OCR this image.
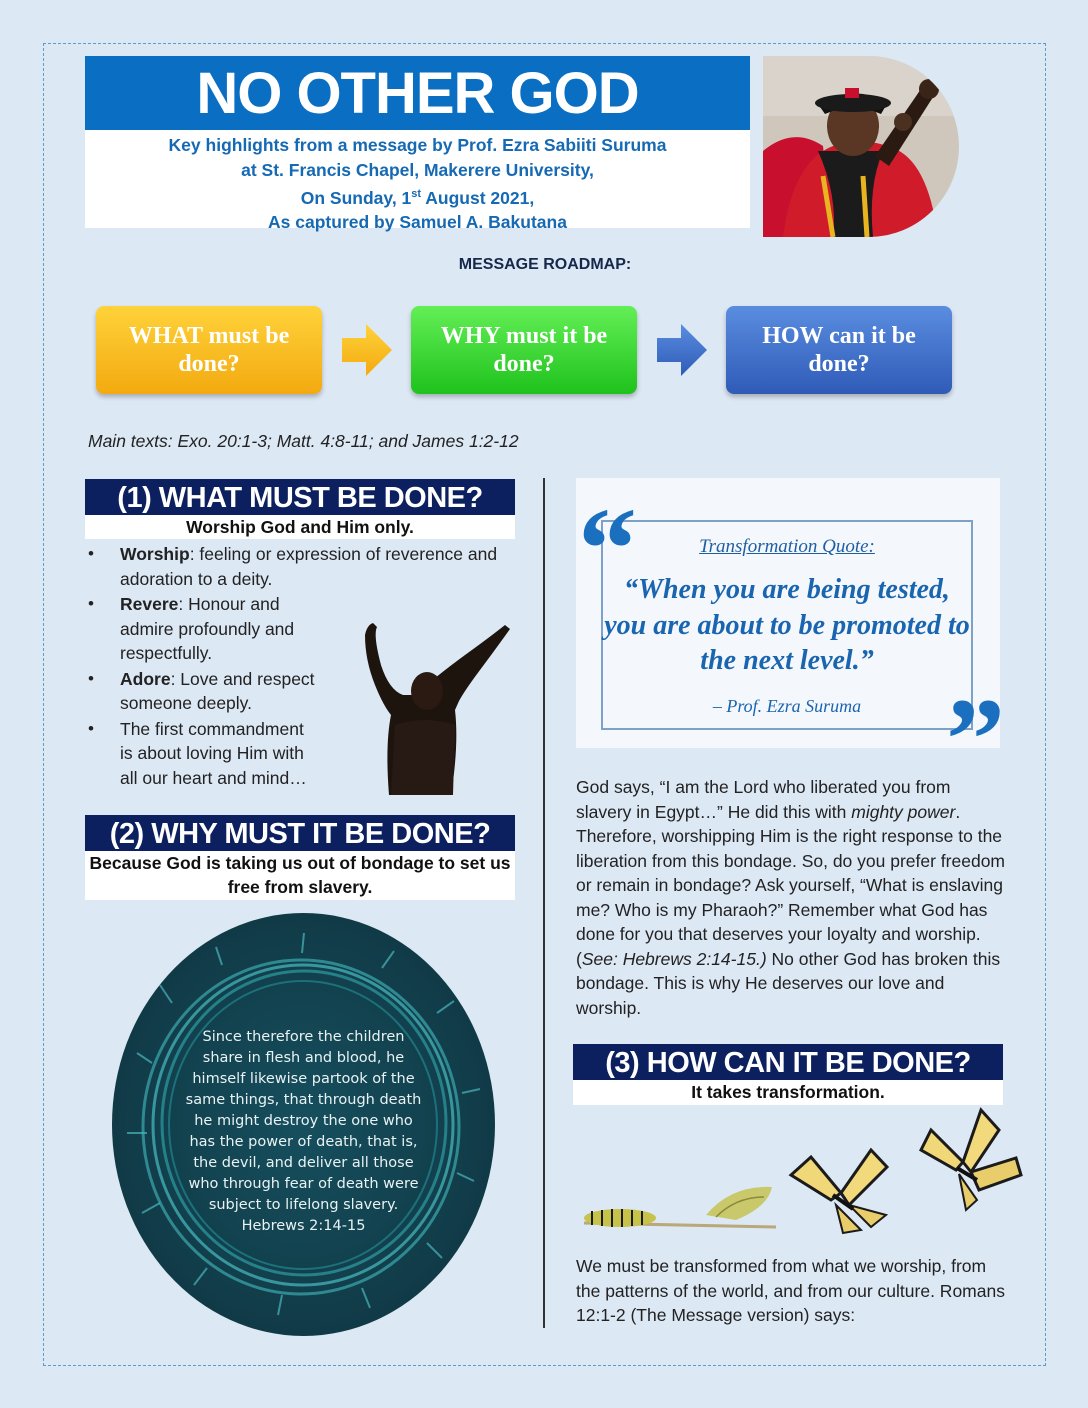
NO OTHER GOD
Key highlights from a message by Prof. Ezra Sabiiti Suruma
at St. Francis Chapel, Makerere University,
On Sunday, 1st August 2021,
As captured by Samuel A. Bakutana
MESSAGE ROADMAP:
WHAT must be
done?
WHY must it be
done?
HOW can it be
done?
Main texts: Exo. 20:1-3; Matt. 4:8-11; and James 1:2-12
(1) WHAT MUST BE DONE?
Worship God and Him only.
• Worship: feeling or expression of reverence and adoration to a deity.
• Revere: Honour and admire profoundly and respectfully.
• Adore: Love and respect someone deeply.
• The first commandment is about loving Him with all our heart and mind…
(2) WHY MUST IT BE DONE?
Because God is taking us out of bondage to set us free from slavery.
Since therefore the children share in flesh and blood, he himself likewise partook of the same things, that through death he might destroy the one who has the power of death, that is, the devil, and deliver all those who through fear of death were subject to lifelong slavery.
Hebrews 2:14-15
“
”
Transformation Quote:
“When you are being tested, you are about to be promoted to the next level.”
– Prof. Ezra Suruma
God says, “I am the Lord who liberated you from slavery in Egypt…” He did this with mighty power. Therefore, worshipping Him is the right response to the liberation from this bondage. So, do you prefer freedom or remain in bondage? Ask yourself, “What is enslaving me? Who is my Pharaoh?” Remember what God has done for you that deserves your loyalty and worship. (See: Hebrews 2:14-15.) No other God has broken this bondage. This is why He deserves our love and worship.
(3) HOW CAN IT BE DONE?
It takes transformation.
We must be transformed from what we worship, from the patterns of the world, and from our culture. Romans 12:1-2 (The Message version) says:
